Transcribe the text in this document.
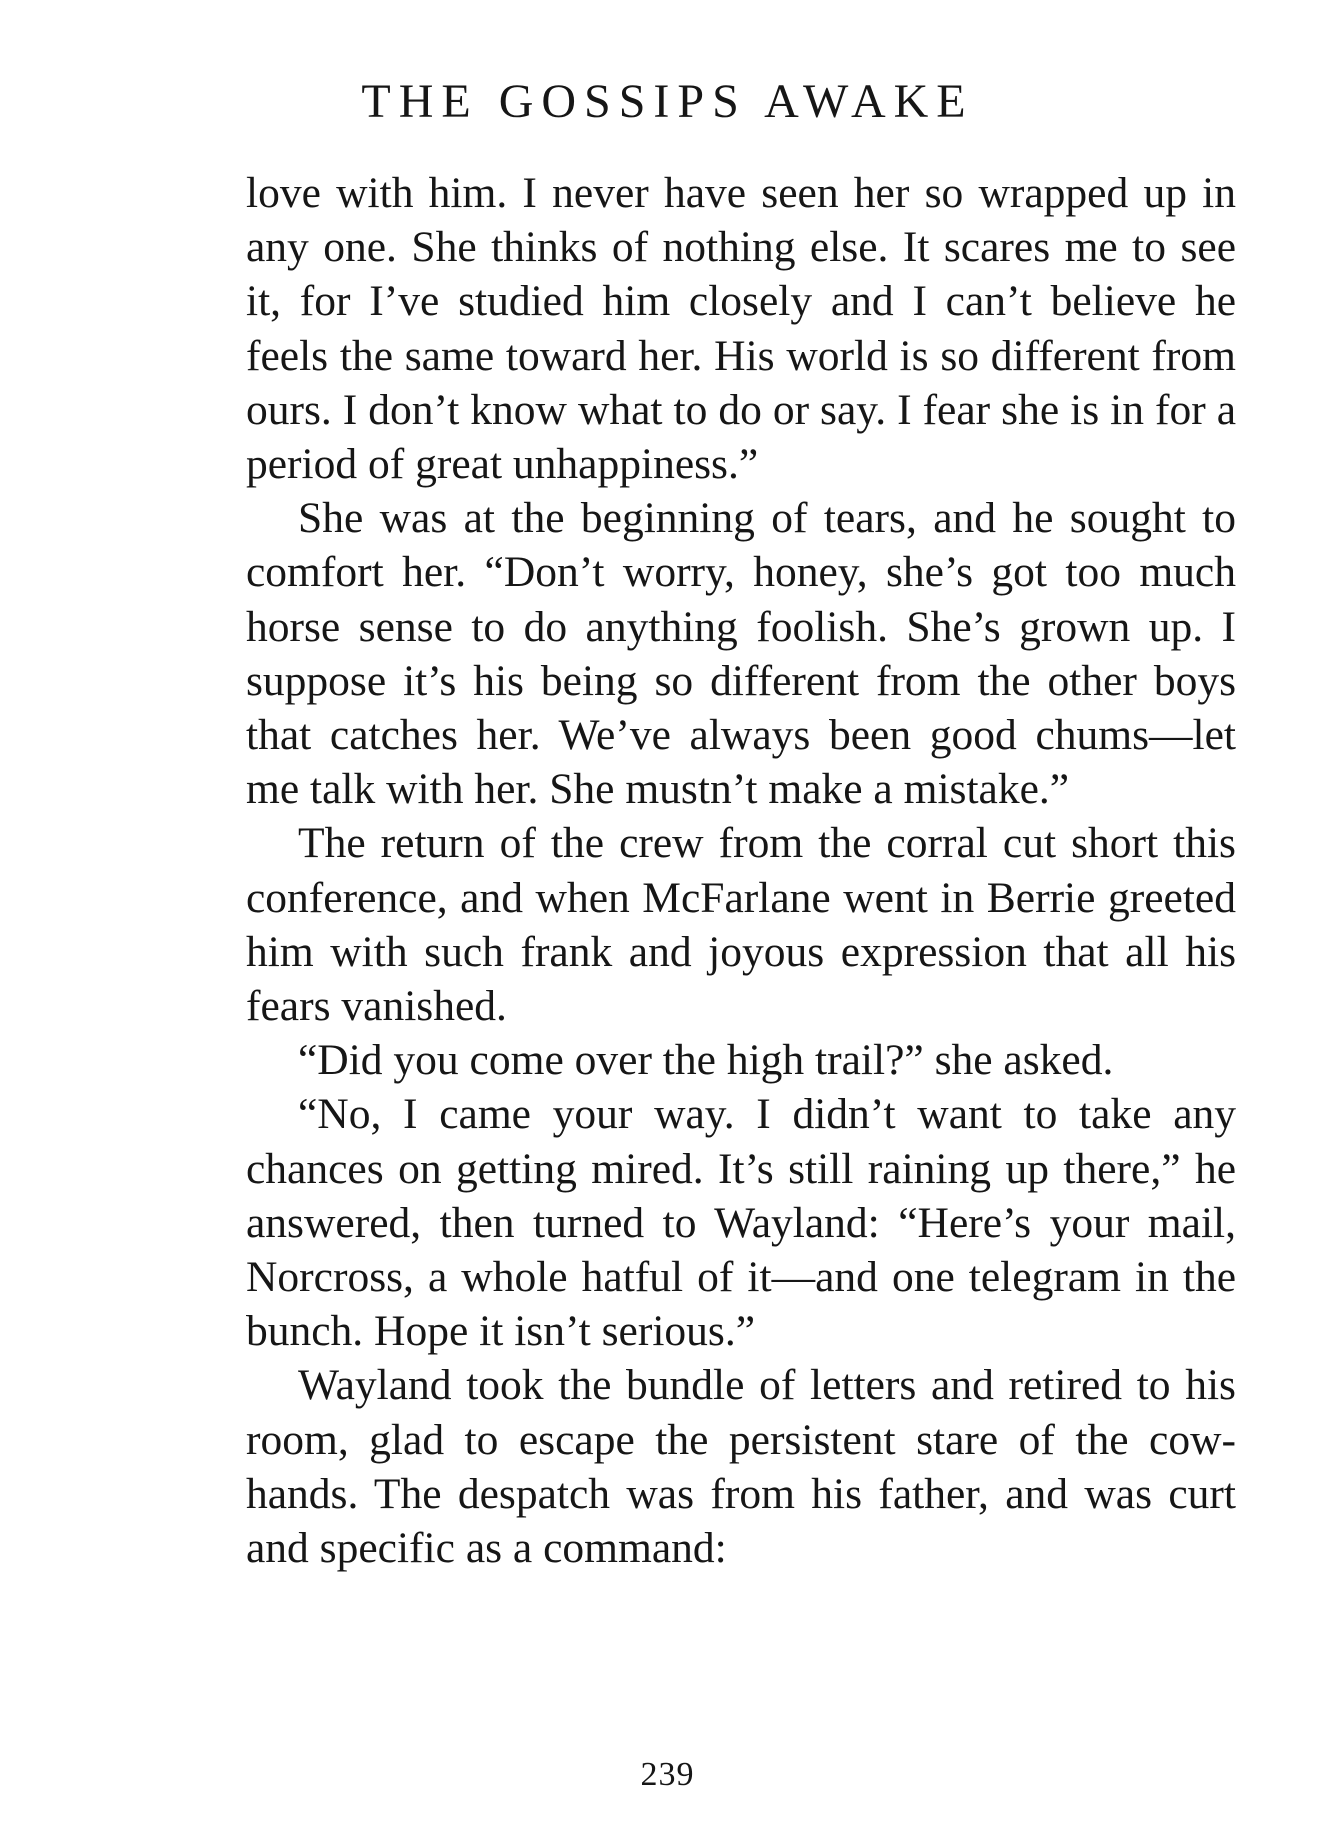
THE GOSSIPS AWAKE

love with him. I never have seen her so wrapped up in any one. She thinks of nothing else. It scares me to see it, for I’ve studied him closely and I can’t believe he feels the same toward her. His world is so different from ours. I don’t know what to do or say. I fear she is in for a period of great unhappiness.”

She was at the beginning of tears, and he sought to comfort her. “Don’t worry, honey, she’s got too much horse sense to do anything foolish. She’s grown up. I suppose it’s his being so different from the other boys that catches her. We’ve always been good chums—let me talk with her. She mustn’t make a mistake.”

The return of the crew from the corral cut short this conference, and when McFarlane went in Berrie greeted him with such frank and joyous expression that all his fears vanished.

“Did you come over the high trail?” she asked.

“No, I came your way. I didn’t want to take any chances on getting mired. It’s still raining up there,” he answered, then turned to Wayland: “Here’s your mail, Norcross, a whole hatful of it—and one telegram in the bunch. Hope it isn’t serious.”

Wayland took the bundle of letters and retired to his room, glad to escape the persistent stare of the cow-hands. The despatch was from his father, and was curt and specific as a command:

239
